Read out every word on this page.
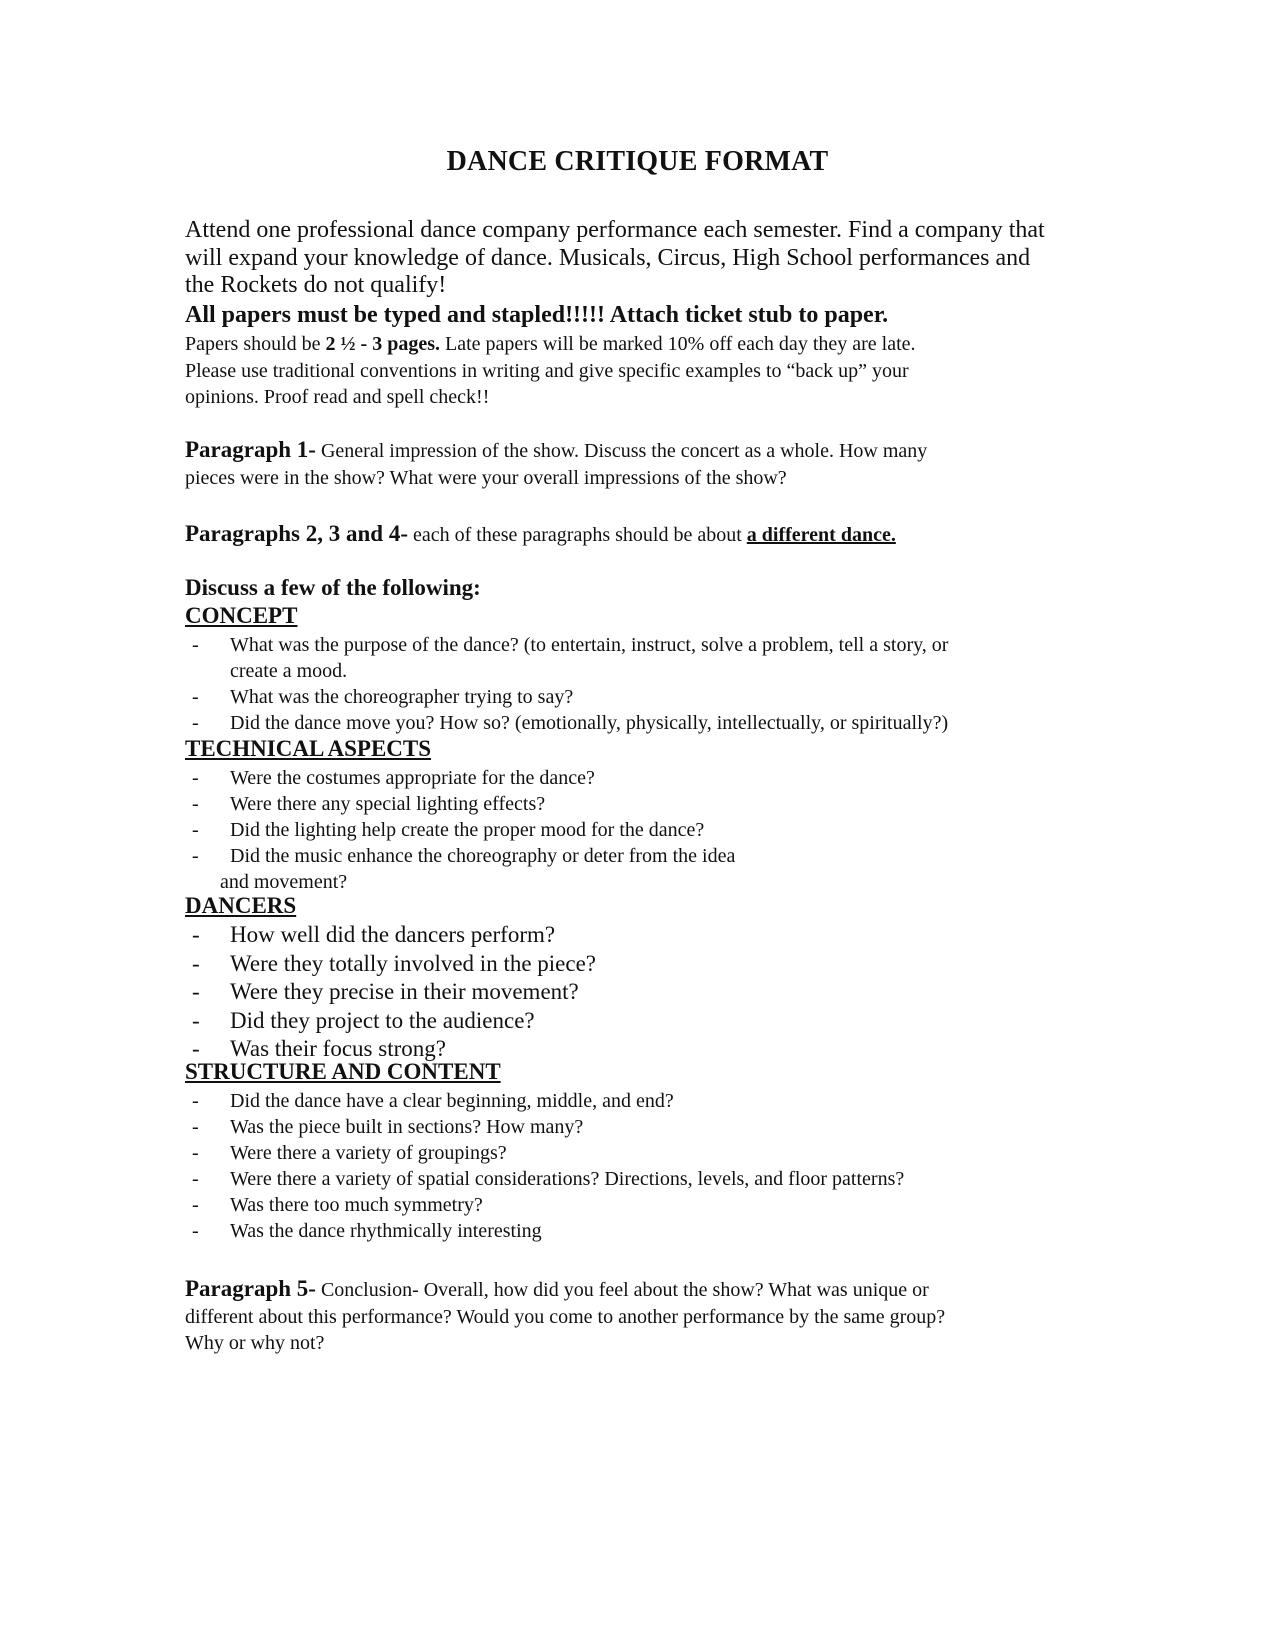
DANCE CRITIQUE FORMAT
Attend one professional dance company performance each semester. Find a company that
will expand your knowledge of dance. Musicals, Circus, High School performances and
the Rockets do not qualify!
All papers must be typed and stapled!!!!! Attach ticket stub to paper.
Papers should be 2 ½ - 3 pages. Late papers will be marked 10% off each day they are late.
Please use traditional conventions in writing and give specific examples to “back up” your
opinions. Proof read and spell check!!
Paragraph 1- General impression of the show. Discuss the concert as a whole. How many
pieces were in the show? What were your overall impressions of the show?
Paragraphs 2, 3 and 4- each of these paragraphs should be about a different dance.
Discuss a few of the following:
CONCEPT
- What was the purpose of the dance? (to entertain, instruct, solve a problem, tell a story, or
create a mood.
- What was the choreographer trying to say?
- Did the dance move you? How so? (emotionally, physically, intellectually, or spiritually?)
TECHNICAL ASPECTS
- Were the costumes appropriate for the dance?
- Were there any special lighting effects?
- Did the lighting help create the proper mood for the dance?
- Did the music enhance the choreography or deter from the idea
and movement?
DANCERS
- How well did the dancers perform?
- Were they totally involved in the piece?
- Were they precise in their movement?
- Did they project to the audience?
- Was their focus strong?
STRUCTURE AND CONTENT
- Did the dance have a clear beginning, middle, and end?
- Was the piece built in sections? How many?
- Were there a variety of groupings?
- Were there a variety of spatial considerations? Directions, levels, and floor patterns?
- Was there too much symmetry?
- Was the dance rhythmically interesting
Paragraph 5- Conclusion- Overall, how did you feel about the show? What was unique or
different about this performance? Would you come to another performance by the same group?
Why or why not?
